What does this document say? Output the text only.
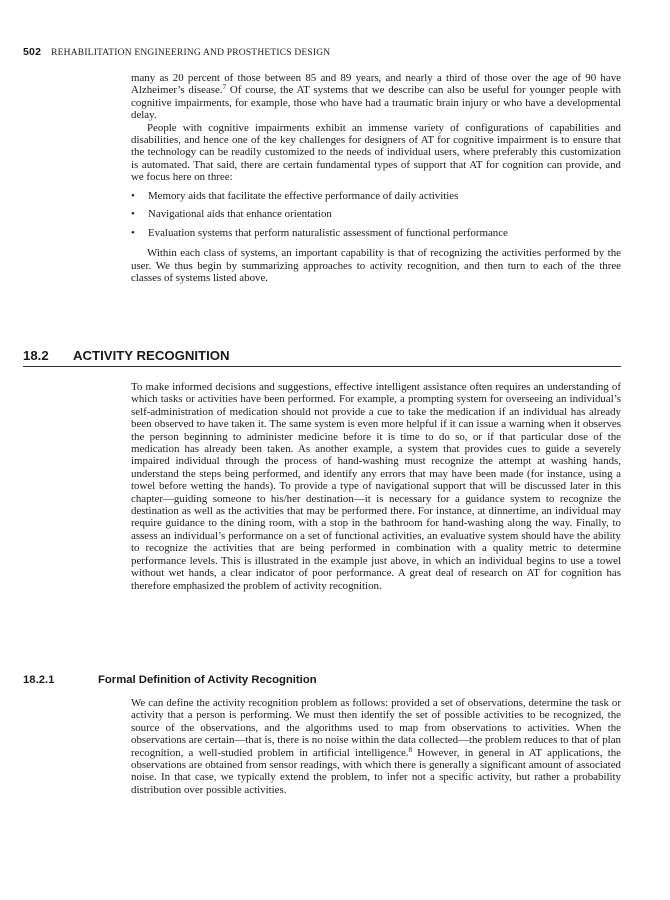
502 REHABILITATION ENGINEERING AND PROSTHETICS DESIGN

many as 20 percent of those between 85 and 89 years, and nearly a third of those over the age of 90 have Alzheimer’s disease.$^7$ Of course, the AT systems that we describe can also be useful for younger people with cognitive impairments, for example, those who have had a traumatic brain injury or who have a developmental delay.

People with cognitive impairments exhibit an immense variety of configurations of capabilities and disabilities, and hence one of the key challenges for designers of AT for cognitive impairment is to ensure that the technology can be readily customized to the needs of individual users, where preferably this customization is automated. That said, there are certain fundamental types of support that AT for cognition can provide, and we focus here on three:

• Memory aids that facilitate the effective performance of daily activities
• Navigational aids that enhance orientation
• Evaluation systems that perform naturalistic assessment of functional performance

Within each class of systems, an important capability is that of recognizing the activities performed by the user. We thus begin by summarizing approaches to activity recognition, and then turn to each of the three classes of systems listed above.

18.2 ACTIVITY RECOGNITION

To make informed decisions and suggestions, effective intelligent assistance often requires an understanding of which tasks or activities have been performed. For example, a prompting system for overseeing an individual’s self-administration of medication should not provide a cue to take the medication if an individual has already been observed to have taken it. The same system is even more helpful if it can issue a warning when it observes the person beginning to administer medicine before it is time to do so, or if that particular dose of the medication has already been taken. As another example, a system that provides cues to guide a severely impaired individual through the process of hand-washing must recognize the attempt at washing hands, understand the steps being performed, and identify any errors that may have been made (for instance, using a towel before wetting the hands). To provide a type of navigational support that will be discussed later in this chapter—guiding someone to his/her destination—it is necessary for a guidance system to recognize the destination as well as the activities that may be performed there. For instance, at dinnertime, an individual may require guidance to the dining room, with a stop in the bathroom for hand-washing along the way. Finally, to assess an individual’s performance on a set of functional activities, an evaluative system should have the ability to recognize the activities that are being performed in combination with a quality metric to determine performance levels. This is illustrated in the example just above, in which an individual begins to use a towel without wet hands, a clear indicator of poor performance. A great deal of research on AT for cognition has therefore emphasized the problem of activity recognition.

18.2.1	Formal Definition of Activity Recognition

We can define the activity recognition problem as follows: provided a set of observations, determine the task or activity that a person is performing. We must then identify the set of possible activities to be recognized, the source of the observations, and the algorithms used to map from observations to activities. When the observations are certain—that is, there is no noise within the data collected—the problem reduces to that of plan recognition, a well-studied problem in artificial intelligence.$^8$ However, in general in AT applications, the observations are obtained from sensor readings, with which there is generally a significant amount of associated noise. In that case, we typically extend the problem, to infer not a specific activity, but rather a probability distribution over possible activities.
